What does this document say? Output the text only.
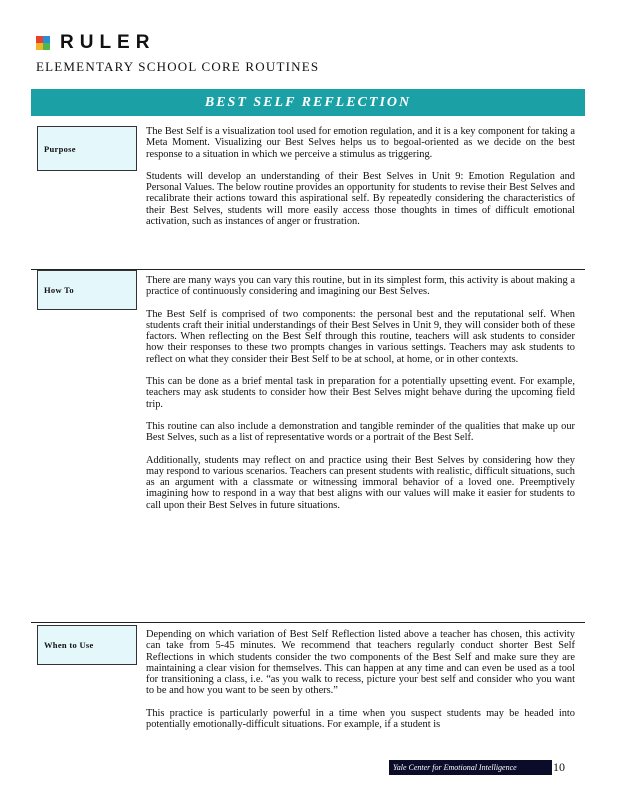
RULER
ELEMENTARY SCHOOL CORE ROUTINES
BEST SELF REFLECTION
Purpose

The Best Self is a visualization tool used for emotion regulation, and it is a key component for taking a Meta Moment. Visualizing our Best Selves helps us to begoal-oriented as we decide on the best response to a situation in which we perceive a stimulus as triggering.

Students will develop an understanding of their Best Selves in Unit 9: Emotion Regulation and Personal Values. The below routine provides an opportunity for students to revise their Best Selves and recalibrate their actions toward this aspirational self. By repeatedly considering the characteristics of their Best Selves, students will more easily access those thoughts in times of difficult emotional activation, such as instances of anger or frustration.

How To

There are many ways you can vary this routine, but in its simplest form, this activity is about making a practice of continuously considering and imagining our Best Selves.

The Best Self is comprised of two components: the personal best and the reputational self. When students craft their initial understandings of their Best Selves in Unit 9, they will consider both of these factors. When reflecting on the Best Self through this routine, teachers will ask students to consider how their responses to these two prompts changes in various settings. Teachers may ask students to reflect on what they consider their Best Self to be at school, at home, or in other contexts.

This can be done as a brief mental task in preparation for a potentially upsetting event. For example, teachers may ask students to consider how their Best Selves might behave during the upcoming field trip.

This routine can also include a demonstration and tangible reminder of the qualities that make up our Best Selves, such as a list of representative words or a portrait of the Best Self.

Additionally, students may reflect on and practice using their Best Selves by considering how they may respond to various scenarios. Teachers can present students with realistic, difficult situations, such as an argument with a classmate or witnessing immoral behavior of a loved one. Preemptively imagining how to respond in a way that best aligns with our values will make it easier for students to call upon their Best Selves in future situations.

When to Use

Depending on which variation of Best Self Reflection listed above a teacher has chosen, this activity can take from 5-45 minutes. We recommend that teachers regularly conduct shorter Best Self Reflections in which students consider the two components of the Best Self and make sure they are maintaining a clear vision for themselves. This can happen at any time and can even be used as a tool for transitioning a class, i.e. “as you walk to recess, picture your best self and consider who you want to be and how you want to be seen by others.”

This practice is particularly powerful in a time when you suspect students may be headed into potentially emotionally-difficult situations. For example, if a student is

Yale Center for Emotional Intelligence	10
